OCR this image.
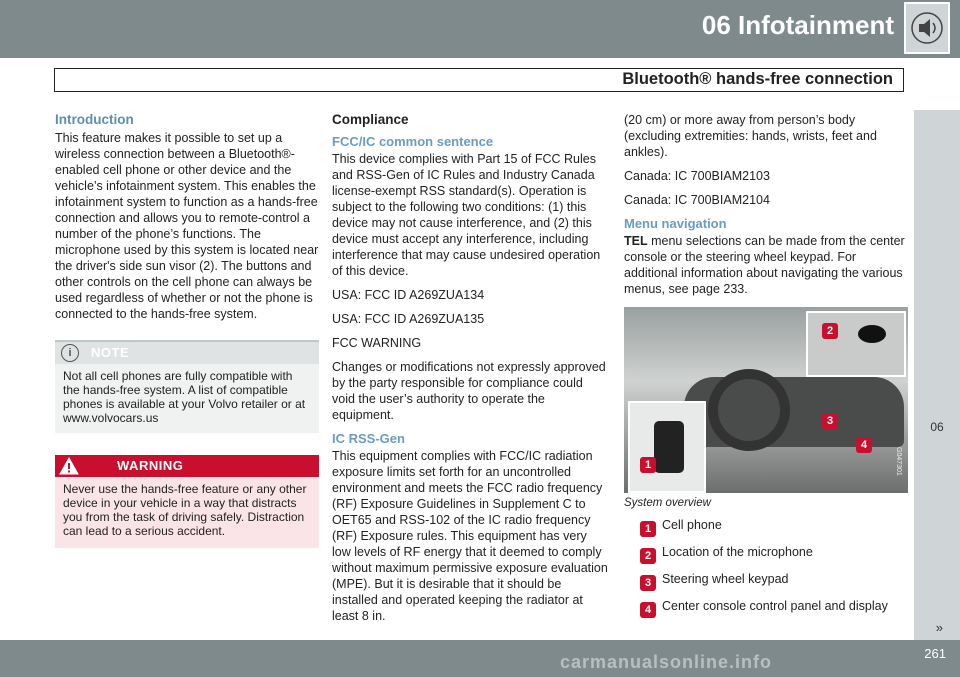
06 Infotainment
Bluetooth® hands-free connection
06
Introduction

This feature makes it possible to set up a wireless connection between a Bluetooth®-enabled cell phone or other device and the vehicle’s infotainment system. This enables the infotainment system to function as a hands-free connection and allows you to remote-control a number of the phone’s functions. The microphone used by this system is located near the driver's side sun visor (2). The buttons and other controls on the cell phone can always be used regardless of whether or not the phone is connected to the hands-free system.

i	NOTE
Not all cell phones are fully compatible with the hands-free system. A list of compatible phones is available at your Volvo retailer or at www.volvocars.us
WARNING
Never use the hands-free feature or any other device in your vehicle in a way that distracts you from the task of driving safely. Distraction can lead to a serious accident.
Compliance
FCC/IC common sentence

This device complies with Part 15 of FCC Rules and RSS-Gen of IC Rules and Industry Canada license-exempt RSS standard(s). Operation is subject to the following two conditions: (1) this device may not cause interference, and (2) this device must accept any interference, including interference that may cause undesired operation of this device.

USA: FCC ID A269ZUA134

USA: FCC ID A269ZUA135

FCC WARNING

Changes or modifications not expressly approved by the party responsible for compliance could void the user’s authority to operate the equipment.

IC RSS-Gen

This equipment complies with FCC/IC radiation exposure limits set forth for an uncontrolled environment and meets the FCC radio frequency (RF) Exposure Guidelines in Supplement C to OET65 and RSS-102 of the IC radio frequency (RF) Exposure rules. This equipment has very low levels of RF energy that it deemed to comply without maximum permissive exposure evaluation (MPE). But it is desirable that it should be installed and operated keeping the radiator at least 8 in.

(20 cm) or more away from person’s body (excluding extremities: hands, wrists, feet and ankles).

Canada: IC 700BIAM2103

Canada: IC 700BIAM2104

Menu navigation

TEL menu selections can be made from the center console or the steering wheel keypad. For additional information about navigating the various menus, see page 233.

1
2
3
4
G047301
System overview
1 Cell phone
2 Location of the microphone
3 Steering wheel keypad
4 Center console control panel and display
»
carmanualsonline.info	261
